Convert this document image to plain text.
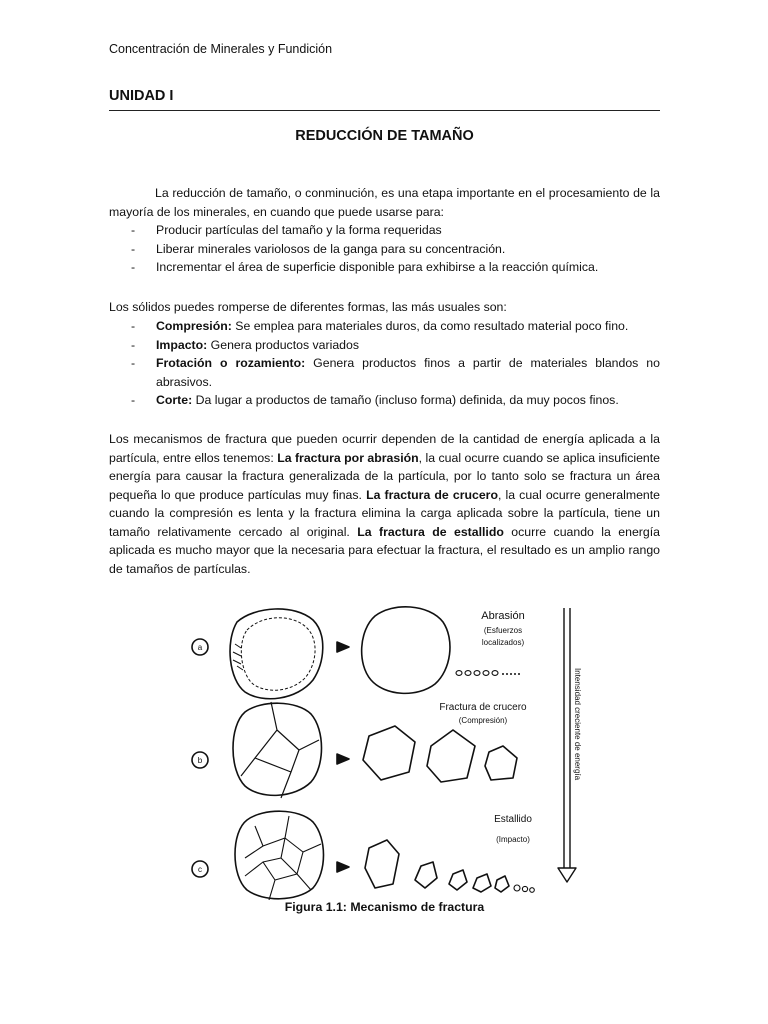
Concentración de Minerales y Fundición
UNIDAD I
REDUCCIÓN DE TAMAÑO
La reducción de tamaño, o conminución, es una etapa importante en el procesamiento de la mayoría de los minerales, en cuando que puede usarse para:
- Producir partículas del tamaño y la forma requeridas
- Liberar minerales variolosos de la ganga para su concentración.
- Incrementar el área de superficie disponible para exhibirse a la reacción química.
Los sólidos puedes romperse de diferentes formas, las más usuales son:
- Compresión: Se emplea para materiales duros, da como resultado material poco fino.
- Impacto: Genera productos variados
- Frotación o rozamiento: Genera productos finos a partir de materiales blandos no abrasivos.
- Corte: Da lugar a productos de tamaño (incluso forma) definida, da muy pocos finos.
Los mecanismos de fractura que pueden ocurrir dependen de la cantidad de energía aplicada a la partícula, entre ellos tenemos: La fractura por abrasión, la cual ocurre cuando se aplica insuficiente energía para causar la fractura generalizada de la partícula, por lo tanto solo se fractura un área pequeña lo que produce partículas muy finas. La fractura de crucero, la cual ocurre generalmente cuando la compresión es lenta y la fractura elimina la carga aplicada sobre la partícula, tiene un tamaño relativamente cercado al original. La fractura de estallido ocurre cuando la energía aplicada es mucho mayor que la necesaria para efectuar la fractura, el resultado es un amplio rango de tamaños de partículas.
a
b
c
Abrasión
(Esfuerzos
localizados)
Fractura de crucero
(Compresión)
Estallido
(Impacto)
Intensidad creciente de energía
Figura 1.1: Mecanismo de fractura
